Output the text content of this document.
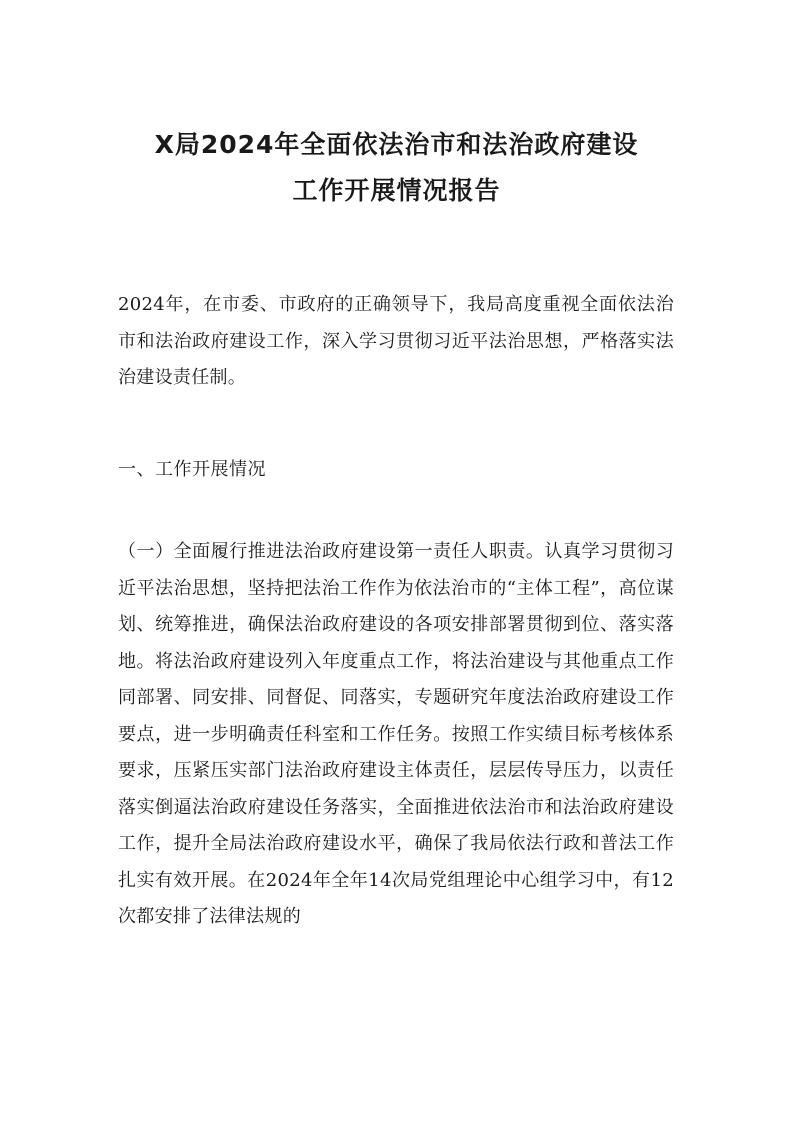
X局2024年全面依法治市和法治政府建设
工作开展情况报告

2024年，在市委、市政府的正确领导下，我局高度重视全面依法治市和法治政府建设工作，深入学习贯彻习近平法治思想，严格落实法治建设责任制。

一、工作开展情况

（一）全面履行推进法治政府建设第一责任人职责。认真学习贯彻习近平法治思想，坚持把法治工作作为依法治市的“主体工程”，高位谋划、统筹推进，确保法治政府建设的各项安排部署贯彻到位、落实落地。将法治政府建设列入年度重点工作，将法治建设与其他重点工作同部署、同安排、同督促、同落实，专题研究年度法治政府建设工作要点，进一步明确责任科室和工作任务。按照工作实绩目标考核体系要求，压紧压实部门法治政府建设主体责任，层层传导压力，以责任落实倒逼法治政府建设任务落实，全面推进依法治市和法治政府建设工作，提升全局法治政府建设水平，确保了我局依法行政和普法工作扎实有效开展。在2024年全年14次局党组理论中心组学习中，有12次都安排了法律法规的
